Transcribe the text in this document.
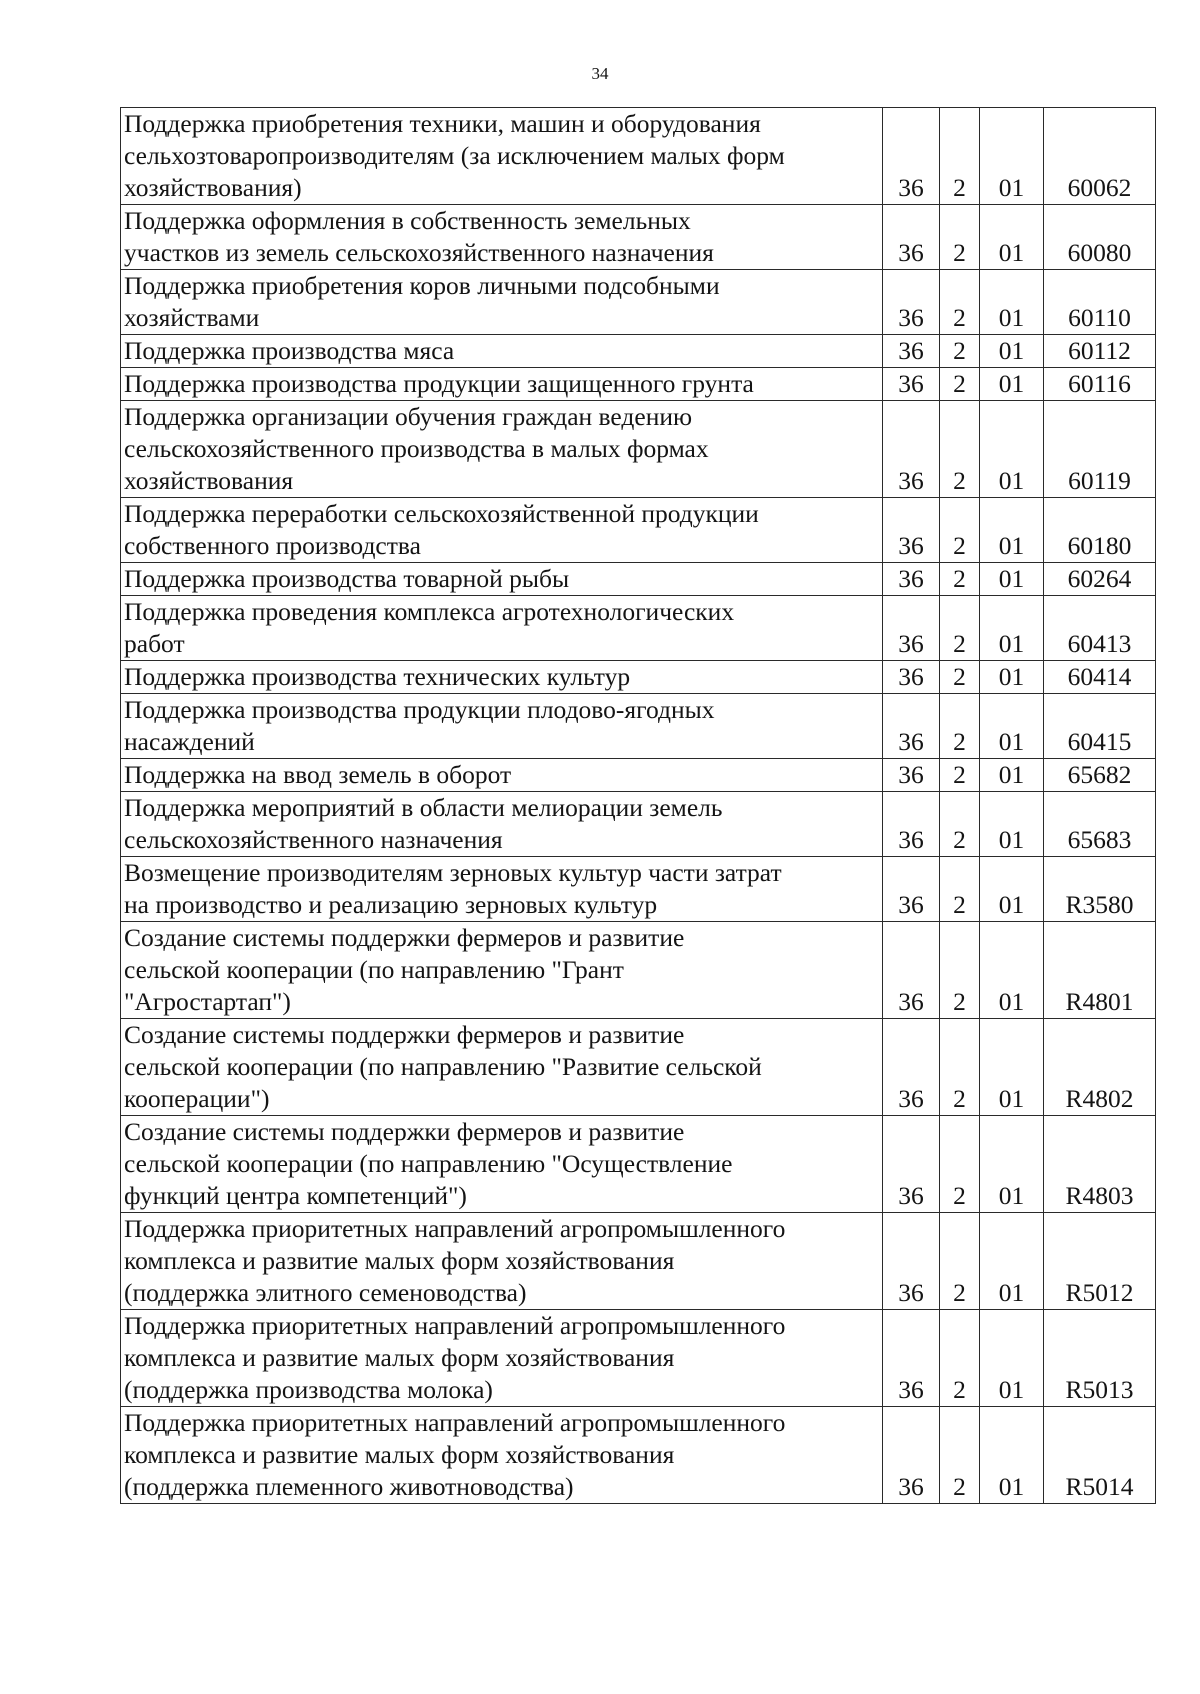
34
Поддержка приобретения техники, машин и оборудования
сельхозтоваропроизводителям (за исключением малых форм
хозяйствования)	36	2	01	60062

Поддержка оформления в собственность земельных
участков из земель сельскохозяйственного назначения	36	2	01	60080

Поддержка приобретения коров личными подсобными
хозяйствами	36	2	01	60110

Поддержка производства мяса	36	2	01	60112

Поддержка производства продукции защищенного грунта	36	2	01	60116

Поддержка организации обучения граждан ведению
сельскохозяйственного производства в малых формах
хозяйствования	36	2	01	60119

Поддержка переработки сельскохозяйственной продукции
собственного производства	36	2	01	60180

Поддержка производства товарной рыбы	36	2	01	60264

Поддержка проведения комплекса агротехнологических
работ	36	2	01	60413

Поддержка производства технических культур	36	2	01	60414

Поддержка производства продукции плодово-ягодных
насаждений	36	2	01	60415

Поддержка на ввод земель в оборот	36	2	01	65682

Поддержка мероприятий в области мелиорации земель
сельскохозяйственного назначения	36	2	01	65683

Возмещение производителям зерновых культур части затрат
на производство и реализацию зерновых культур	36	2	01	R3580

Создание системы поддержки фермеров и развитие
сельской кооперации (по направлению "Грант
"Агростартап")	36	2	01	R4801

Создание системы поддержки фермеров и развитие
сельской кооперации (по направлению "Развитие сельской
кооперации")	36	2	01	R4802

Создание системы поддержки фермеров и развитие
сельской кооперации (по направлению "Осуществление
функций центра компетенций")	36	2	01	R4803

Поддержка приоритетных направлений агропромышленного
комплекса и развитие малых форм хозяйствования
(поддержка элитного семеноводства)	36	2	01	R5012

Поддержка приоритетных направлений агропромышленного
комплекса и развитие малых форм хозяйствования
(поддержка производства молока)	36	2	01	R5013

Поддержка приоритетных направлений агропромышленного
комплекса и развитие малых форм хозяйствования
(поддержка племенного животноводства)	36	2	01	R5014
